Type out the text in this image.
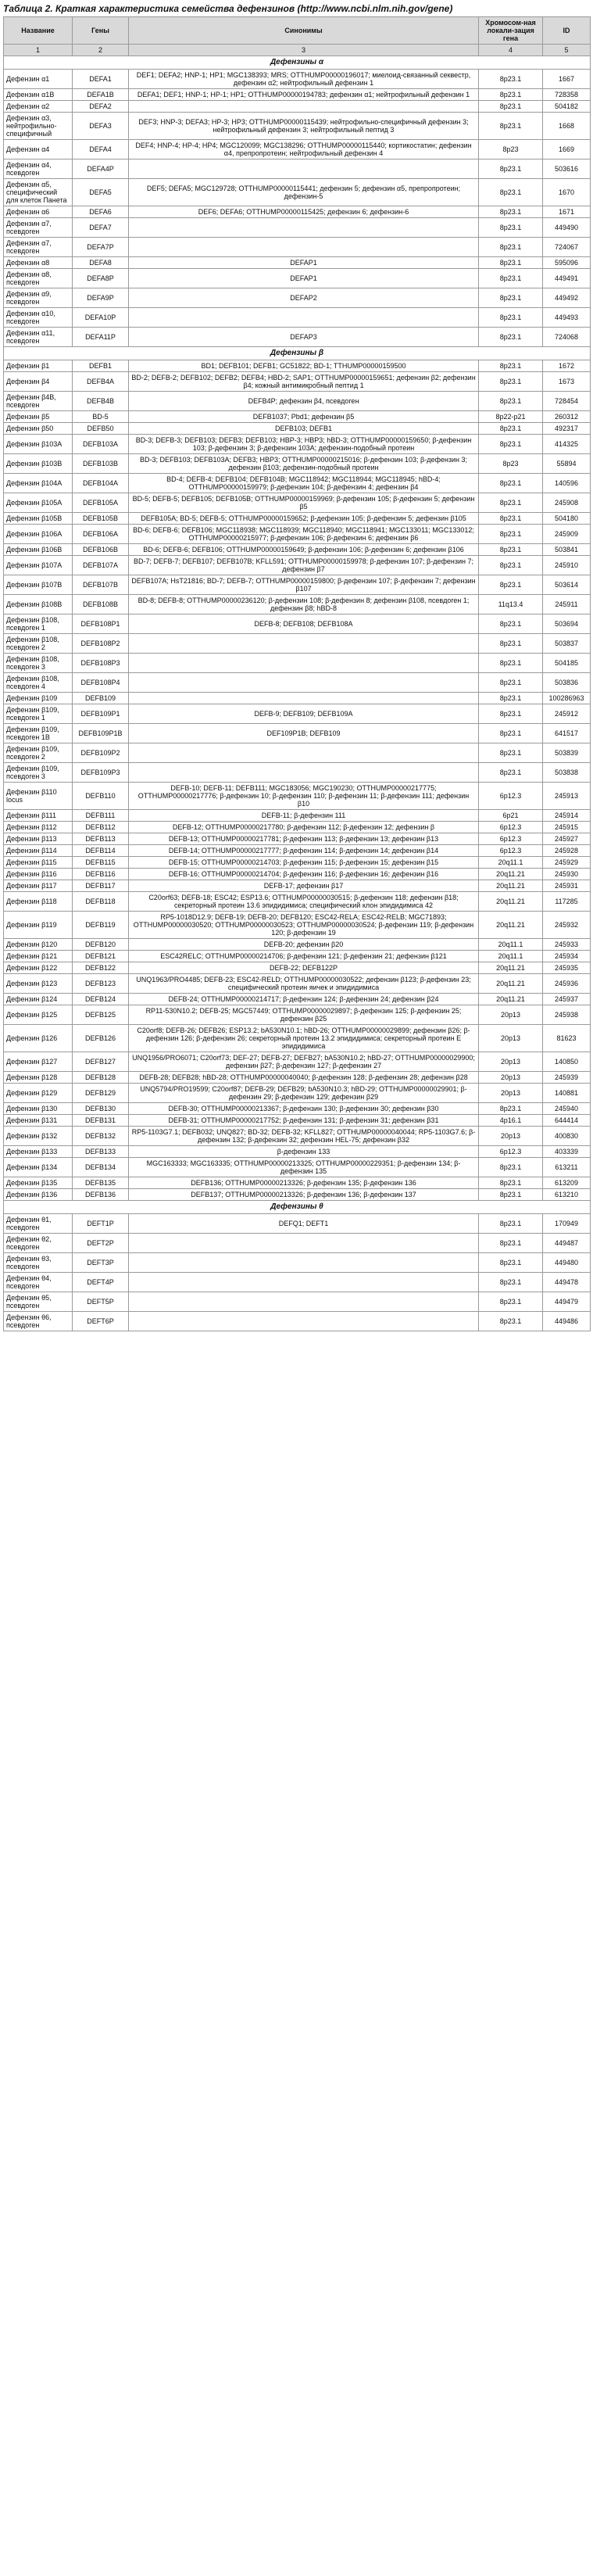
Таблица 2. Краткая характеристика семейства дефензинов (http://www.ncbi.nlm.nih.gov/gene)
Название	Гены	Синонимы	Хромосом-ная локали-зация гена	ID
1	2	3	4	5
Дефензины α				
Дефензин α1	DEFA1	DEF1; DEFA2; HNP-1; HP1; MGC138393; MRS; OTTHUMP00000196017; миелоид-связанный секвестр, дефензин α2; нейтрофильный дефензин 1	8p23.1	1667
Дефензин α1B	DEFA1B	DEFA1; DEF1; HNP-1; HP-1; HP1; OTTHUMP00000194783; дефензин α1; нейтрофильный дефензин 1	8p23.1	728358
Дефензин α2	DEFA2		8p23.1	504182
Дефензин α3, нейтрофильно-специфичный	DEFA3	DEF3; HNP-3; DEFA3; HP-3; HP3; OTTHUMP00000115439; нейтрофильно-специфичный дефензин 3; нейтрофильный дефензин 3; нейтрофильный пептид 3	8p23.1	1668
Дефензин α4	DEFA4	DEF4; HNP-4; HP-4; HP4; MGC120099; MGC138296; OTTHUMP00000115440; кортикостатин; дефензин α4, препропротеин; нейтрофильный дефензин 4	8p23	1669
Дефензин α4, псевдоген	DEFA4P		8p23.1	503616
Дефензин α5, специфический для клеток Панета	DEFA5	DEF5; DEFA5; MGC129728; OTTHUMP00000115441; дефензин 5; дефензин α5, препропротеин; дефензин-5	8p23.1	1670
Дефензин α6	DEFA6	DEF6; DEFA6; OTTHUMP00000115425; дефензин 6; дефензин-6	8p23.1	1671
Дефензин α7, псевдоген	DEFA7		8p23.1	449490
Дефензин α7, псевдоген	DEFA7P		8p23.1	724067
Дефензин α8	DEFA8	DEFAP1	8p23.1	595096
Дефензин α8, псевдоген	DEFA8P	DEFAP1	8p23.1	449491
Дефензин α9, псевдоген	DEFA9P	DEFAP2	8p23.1	449492
Дефензин α10, псевдоген	DEFA10P		8p23.1	449493
Дефензин α11, псевдоген	DEFA11P	DEFAP3	8p23.1	724068
Дефензины β				
Дефензин β1	DEFB1	BD1; DEFB101; DEFB1; GC51822; BD-1; TTHUMP00000159500	8p23.1	1672
Дефензин β4	DEFB4A	BD-2; DEFB-2; DEFB102; DEFB2; DEFB4; HBD-2; SAP1; OTTHUMP00000159651; дефензин β2; дефензин β4; кожный антимикробный пептид 1	8p23.1	1673
Дефензин β4B, псевдоген	DEFB4B	DEFB4P; дефензин β4, псевдоген	8p23.1	728454
Дефензин β5	BD-5	DEFB1037; Pbd1; дефензин β5	8p22-p21	260312
Дефензин β50	DEFB50	DEFB103; DEFB1	8p23.1	492317
Дефензин β103A	DEFB103A	BD-3; DEFB-3; DEFB103; DEFB3; DEFB103; HBP-3; HBP3; hBD-3; OTTHUMP00000159650; β-дефензин 103; β-дефензин 3; β-дефензин 103A; дефензин-подобный протеин	8p23.1	414325
Дефензин β103B	DEFB103B	BD-3; DEFB103; DEFB103A; DEFB3; HBP3; OTTHUMP00000215016; β-дефензин 103; β-дефензин 3; дефензин β103; дефензин-подобный протеин	8p23	55894
Дефензин β104A	DEFB104A	BD-4; DEFB-4; DEFB104; DEFB104B; MGC118942; MGC118944; MGC118945; hBD-4; OTTHUMP00000159979; β-дефензин 104; β-дефензин 4; дефензин β4	8p23.1	140596
Дефензин β105A	DEFB105A	BD-5; DEFB-5; DEFB105; DEFB105B; OTTHUMP00000159969; β-дефензин 105; β-дефензин 5; дефензин β5	8p23.1	245908
Дефензин β105B	DEFB105B	DEFB105A; BD-5; DEFB-5; OTTHUMP00000159652; β-дефензин 105; β-дефензин 5; дефензин β105	8p23.1	504180
Дефензин β106A	DEFB106A	BD-6; DEFB-6; DEFB106; MGC118938; MGC118939; MGC118940; MGC118941; MGC133011; MGC133012; OTTHUMP00000215977; β-дефензин 106; β-дефензин 6; дефензин β6	8p23.1	245909
Дефензин β106B	DEFB106B	BD-6; DEFB-6; DEFB106; OTTHUMP00000159649; β-дефензин 106; β-дефензин 6; дефензин β106	8p23.1	503841
Дефензин β107A	DEFB107A	BD-7; DEFB-7; DEFB107; DEFB107B; KFLL591; OTTHUMP00000159978; β-дефензин 107; β-дефензин 7; дефензин β7	8p23.1	245910
Дефензин β107B	DEFB107B	DEFB107A; HsT21816; BD-7; DEFB-7; OTTHUMP00000159800; β-дефензин 107; β-дефензин 7; дефензин β107	8p23.1	503614
Дефензин β108B	DEFB108B	BD-8; DEFB-8; OTTHUMP00000236120; β-дефензин 108; β-дефензин 8; дефензин β108, псевдоген 1; дефензин β8; hBD-8	11q13.4	245911
Дефензин β108, псевдоген 1	DEFB108P1	DEFB-8; DEFB108; DEFB108A	8p23.1	503694
Дефензин β108, псевдоген 2	DEFB108P2		8p23.1	503837
Дефензин β108, псевдоген 3	DEFB108P3		8p23.1	504185
Дефензин β108, псевдоген 4	DEFB108P4		8p23.1	503836
Дефензин β109	DEFB109		8p23.1	100286963
Дефензин β109, псевдоген 1	DEFB109P1	DEFB-9; DEFB109; DEFB109A	8p23.1	245912
Дефензин β109, псевдоген 1B	DEFB109P1B	DEF109P1B; DEFB109	8p23.1	641517
Дефензин β109, псевдоген 2	DEFB109P2		8p23.1	503839
Дефензин β109, псевдоген 3	DEFB109P3		8p23.1	503838
Дефензин β110 locus	DEFB110	DEFB-10; DEFB-11; DEFB111; MGC183056; MGC190230; OTTHUMP00000217775; OTTHUMP00000217776; β-дефензин 10; β-дефензин 110; β-дефензин 11; β-дефензин 111; дефензин β10	6p12.3	245913
Дефензин β111	DEFB111	DEFB-11; β-дефензин 111	6p21	245914
Дефензин β112	DEFB112	DEFB-12; OTTHUMP00000217780; β-дефензин 112; β-дефензин 12; дефензин β	6p12.3	245915
Дефензин β113	DEFB113	DEFB-13; OTTHUMP00000217781; β-дефензин 113; β-дефензин 13; дефензин β13	6p12.3	245927
Дефензин β114	DEFB114	DEFB-14; OTTHUMP00000217777; β-дефензин 114; β-дефензин 14; дефензин β14	6p12.3	245928
Дефензин β115	DEFB115	DEFB-15; OTTHUMP00000214703; β-дефензин 115; β-дефензин 15; дефензин β15	20q11.1	245929
Дефензин β116	DEFB116	DEFB-16; OTTHUMP00000214704; β-дефензин 116; β-дефензин 16; дефензин β16	20q11.21	245930
Дефензин β117	DEFB117	DEFB-17; дефензин β17	20q11.21	245931
Дефензин β118	DEFB118	C20orf63; DEFB-18; ESC42; ESP13.6; OTTHUMP00000030515; β-дефензин 118; дефензин β18; секреторный протеин 13.6 эпидидимиса; специфический клон эпидидимиса 42	20q11.21	117285
Дефензин β119	DEFB119	RP5-1018D12.9; DEFB-19; DEFB-20; DEFB120; ESC42-RELA; ESC42-RELB; MGC71893; OTTHUMP00000030520; OTTHUMP00000030523; OTTHUMP00000030524; β-дефензин 119; β-дефензин 120; β-дефензин 19	20q11.21	245932
Дефензин β120	DEFB120	DEFB-20; дефензин β20	20q11.1	245933
Дефензин β121	DEFB121	ESC42RELC; OTTHUMP00000214706; β-дефензин 121; β-дефензин 21; дефензин β121	20q11.1	245934
Дефензин β122	DEFB122	DEFB-22; DEFB122P	20q11.21	245935
Дефензин β123	DEFB123	UNQ1963/PRO4485; DEFB-23; ESC42-RELD; OTTHUMP00000030522; дефензин β123; β-дефензин 23; специфический протеин яичек и эпидидимиса	20q11.21	245936
Дефензин β124	DEFB124	DEFB-24; OTTHUMP00000214717; β-дефензин 124; β-дефензин 24; дефензин β24	20q11.21	245937
Дефензин β125	DEFB125	RP11-530N10.2; DEFB-25; MGC57449; OTTHUMP00000029897; β-дефензин 125; β-дефензин 25; дефензин β25	20p13	245938
Дефензин β126	DEFB126	C20orf8; DEFB-26; DEFB26; ESP13.2; bA530N10.1; hBD-26; OTTHUMP00000029899; дефензин β26; β-дефензин 126; β-дефензин 26; секреторный протеин 13.2 эпидидимиса; секреторный протеин Е эпидидимиса	20p13	81623
Дефензин β127	DEFB127	UNQ1956/PRO6071; C20orf73; DEF-27; DEFB-27; DEFB27; bA530N10.2; hBD-27; OTTHUMP00000029900; дефензин β27; β-дефензин 127; β-дефензин 27	20p13	140850
Дефензин β128	DEFB128	DEFB-28; DEFB28; hBD-28; OTTHUMP00000040040; β-дефензин 128; β-дефензин 28; дефензин β28	20p13	245939
Дефензин β129	DEFB129	UNQ5794/PRO19599; C20orf87; DEFB-29; DEFB29; bA530N10.3; hBD-29; OTTHUMP00000029901; β-дефензин 29; β-дефензин 129; дефензин β29	20p13	140881
Дефензин β130	DEFB130	DEFB-30; OTTHUMP00000213367; β-дефензин 130; β-дефензин 30; дефензин β30	8p23.1	245940
Дефензин β131	DEFB131	DEFB-31; OTTHUMP00000217752; β-дефензин 131; β-дефензин 31; дефензин β31	4p16.1	644414
Дефензин β132	DEFB132	RP5-1103G7.1; DEFB032; UNQ827; BD-32; DEFB-32; KFLL827; OTTHUMP00000040044; RP5-1103G7.6; β-дефензин 132; β-дефензин 32; дефензин HEL-75; дефензин β32	20p13	400830
Дефензин β133	DEFB133	β-дефензин 133	6p12.3	403339
Дефензин β134	DEFB134	MGC163333; MGC163335; OTTHUMP00000213325; OTTHUMP00000229351; β-дефензин 134; β-дефензин 135	8p23.1	613211
Дефензин β135	DEFB135	DEFB136; OTTHUMP00000213326; β-дефензин 135; β-дефензин 136	8p23.1	613209
Дефензин β136	DEFB136	DEFB137; OTTHUMP00000213326; β-дефензин 136; β-дефензин 137	8p23.1	613210
Дефензины θ				
Дефензин θ1, псевдоген	DEFT1P	DEFQ1; DEFT1	8p23.1	170949
Дефензин θ2, псевдоген	DEFT2P		8p23.1	449487
Дефензин θ3, псевдоген	DEFT3P		8p23.1	449480
Дефензин θ4, псевдоген	DEFT4P		8p23.1	449478
Дефензин θ5, псевдоген	DEFT5P		8p23.1	449479
Дефензин θ6, псевдоген	DEFT6P		8p23.1	449486
